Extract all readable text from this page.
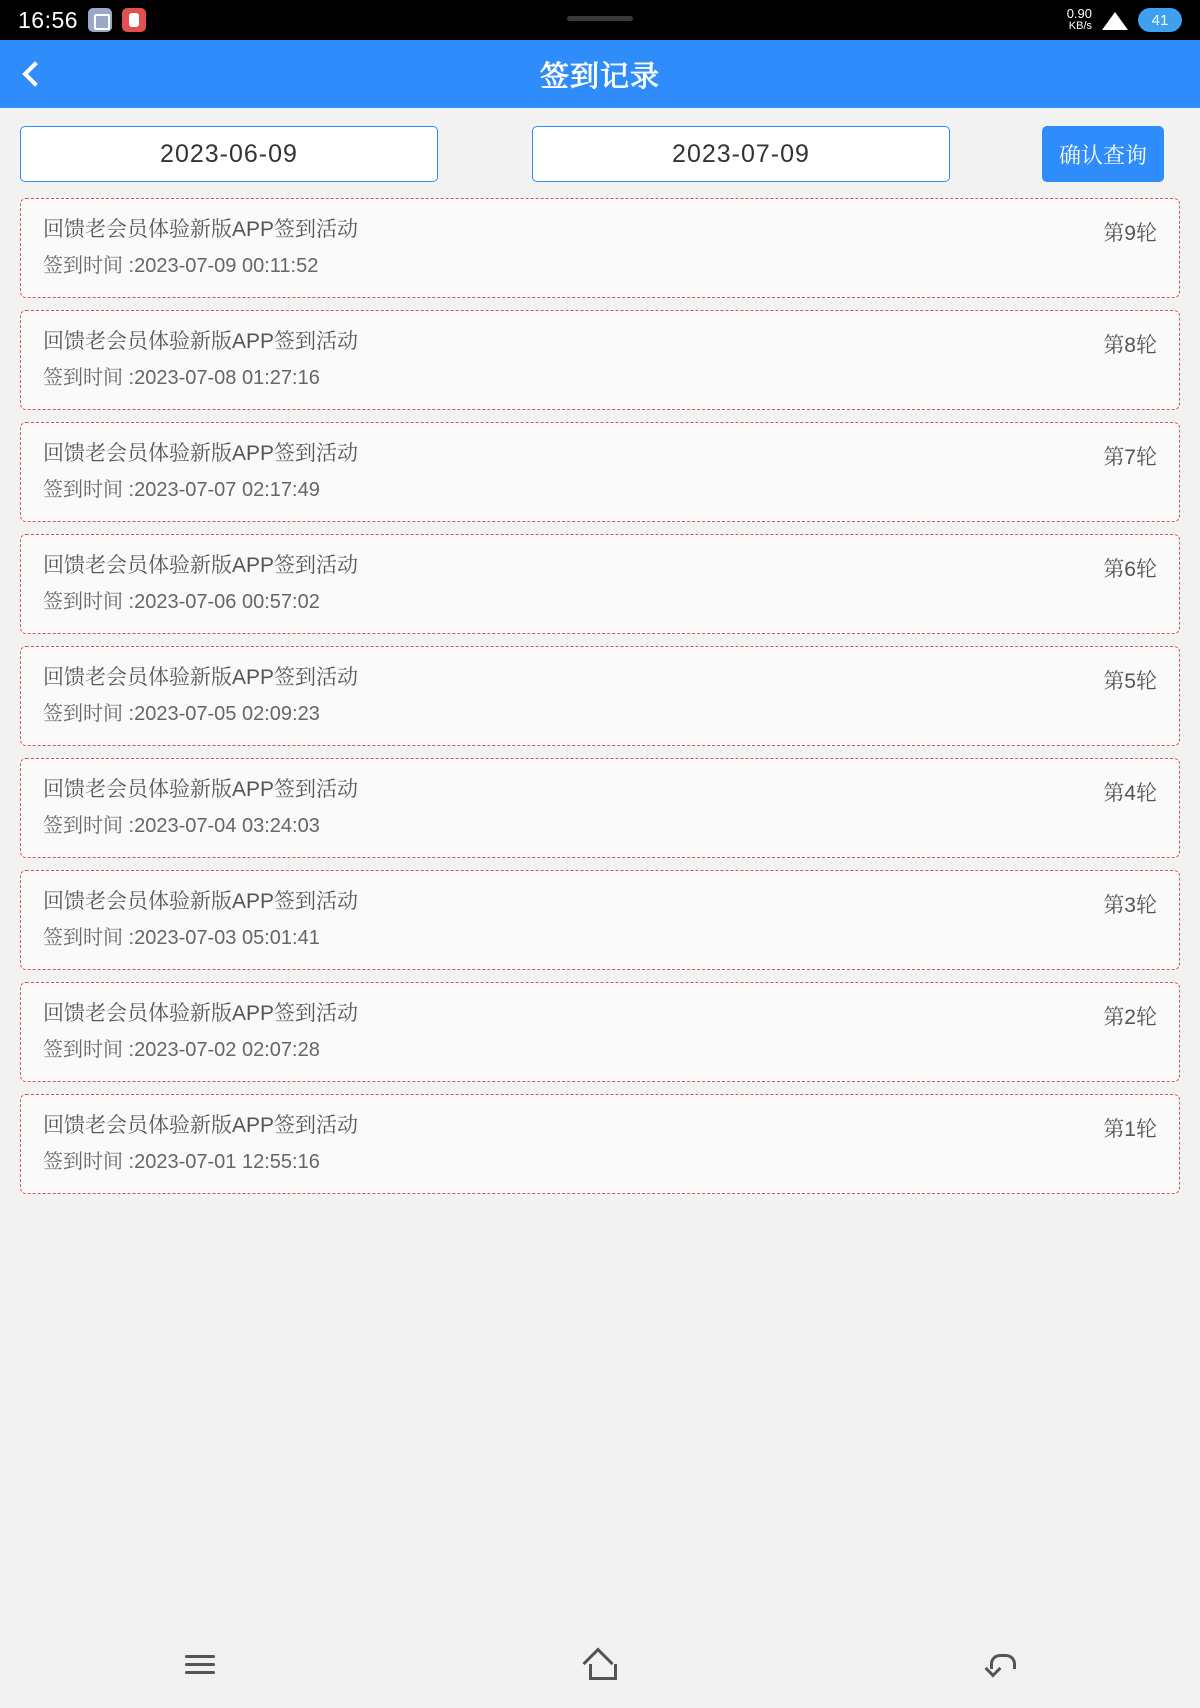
16:56	0.90
KB/s	41
签到记录
2023-06-09	2023-07-09	确认查询
回馈老会员体验新版APP签到活动
签到时间 :2023-07-09 00:11:52
第9轮
回馈老会员体验新版APP签到活动
签到时间 :2023-07-08 01:27:16
第8轮
回馈老会员体验新版APP签到活动
签到时间 :2023-07-07 02:17:49
第7轮
回馈老会员体验新版APP签到活动
签到时间 :2023-07-06 00:57:02
第6轮
回馈老会员体验新版APP签到活动
签到时间 :2023-07-05 02:09:23
第5轮
回馈老会员体验新版APP签到活动
签到时间 :2023-07-04 03:24:03
第4轮
回馈老会员体验新版APP签到活动
签到时间 :2023-07-03 05:01:41
第3轮
回馈老会员体验新版APP签到活动
签到时间 :2023-07-02 02:07:28
第2轮
回馈老会员体验新版APP签到活动
签到时间 :2023-07-01 12:55:16
第1轮
